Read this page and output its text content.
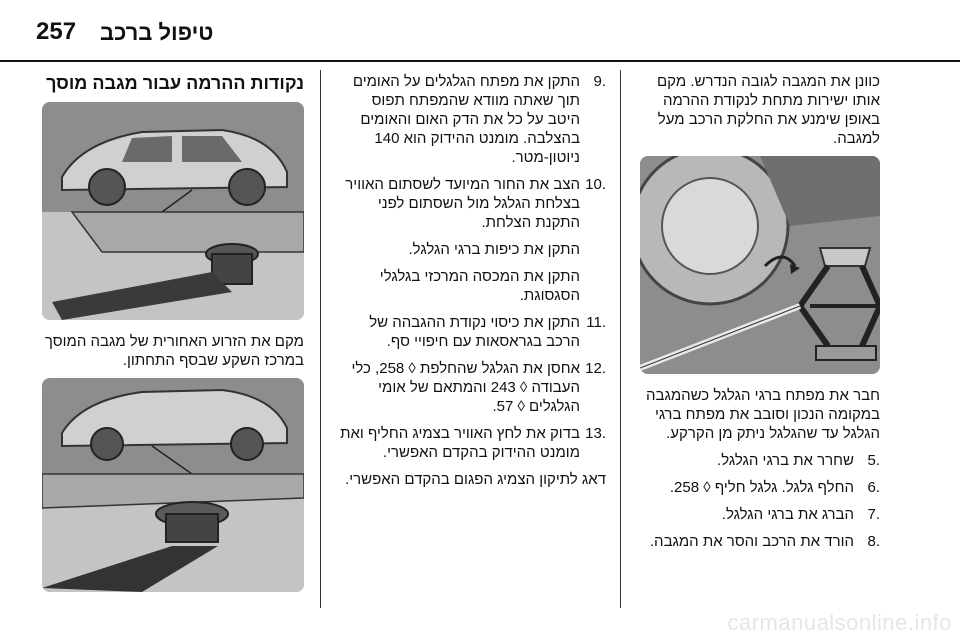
257 טיפול ברכב

כוונן את המגבה לגובה הנדרש. מקם אותו ישירות מתחת לנקודת ההרמה באופן שימנע את החלקת הרכב מעל למגבה.

חבר את מפתח ברגי הגלגל כשהמגבה במקומה הנכון וסובב את מפתח ברגי הגלגל עד שהגלגל ניתק מן הקרקע.

.5
שחרר את ברגי הגלגל.
.6
החלף גלגל. גלגל חליף ◊ 258.
.7
הברג את ברגי הגלגל.
.8
הורד את הרכב והסר את המגבה.
.9
התקן את מפתח הגלגלים על האומים תוך שאתה מוודא שהמפתח תפוס היטב על כל את הדק האום והאומים בהצלבה. מומנט ההידוק הוא 140 ניוטון-מטר.
.10
הצב את החור המיועד לשסתום האוויר בצלחת הגלגל מול השסתום לפני התקנת הצלחת.
התקן את כיפות ברגי הגלגל.
התקן את המכסה המרכזי בגלגלי הסגסוגת.
.11
התקן את כיסוי נקודת ההגבהה של הרכב בגראסאות עם חיפויי סף.
.12
אחסן את הגלגל שהחלפת ◊ 258, כלי העבודה ◊ 243 והמתאם של אומי הגלגלים ◊ 57.
.13
בדוק את לחץ האוויר בצמיג החליף ואת מומנט ההידוק בהקדם האפשרי.

דאג לתיקון הצמיג הפגום בהקדם האפשרי.

נקודות ההרמה עבור מגבה מוסך

מקם את הזרוע האחורית של מגבה המוסך במרכז השקע שבסף התחתון.

carmanualsonline.info
